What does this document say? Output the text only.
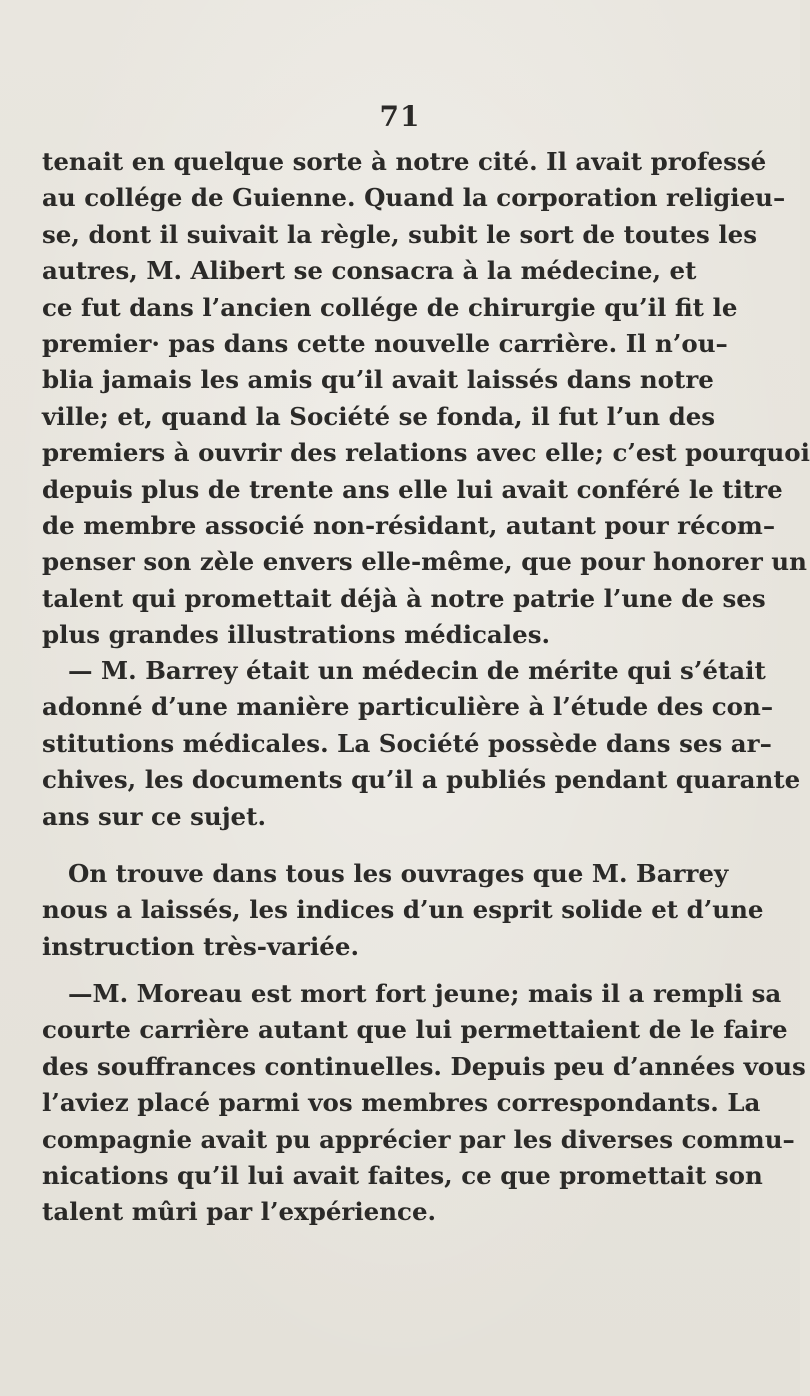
71
tenait en quelque sorte à notre cité. Il avait professé
au collége de Guienne. Quand la corporation religieu–
se, dont il suivait la règle, subit le sort de toutes les
autres, M. Alibert se consacra à la médecine, et
ce fut dans l’ancien collége de chirurgie qu’il fit le
premier· pas dans cette nouvelle carrière. Il n’ou–
blia jamais les amis qu’il avait laissés dans notre
ville; et, quand la Société se fonda, il fut l’un des
premiers à ouvrir des relations avec elle; c’est pourquoi
depuis plus de trente ans elle lui avait conféré le titre
de membre associé non-résidant, autant pour récom–
penser son zèle envers elle-même, que pour honorer un
talent qui promettait déjà à notre patrie l’une de ses
plus grandes illustrations médicales.
— M. Barrey était un médecin de mérite qui s’était
adonné d’une manière particulière à l’étude des con–
stitutions médicales. La Société possède dans ses ar–
chives, les documents qu’il a publiés pendant quarante
ans sur ce sujet.
On trouve dans tous les ouvrages que M. Barrey
nous a laissés, les indices d’un esprit solide et d’une
instruction très-variée.
—M. Moreau est mort fort jeune; mais il a rempli sa
courte carrière autant que lui permettaient de le faire
des souffrances continuelles. Depuis peu d’années vous
l’aviez placé parmi vos membres correspondants. La
compagnie avait pu apprécier par les diverses commu–
nications qu’il lui avait faites, ce que promettait son
talent mûri par l’expérience.
